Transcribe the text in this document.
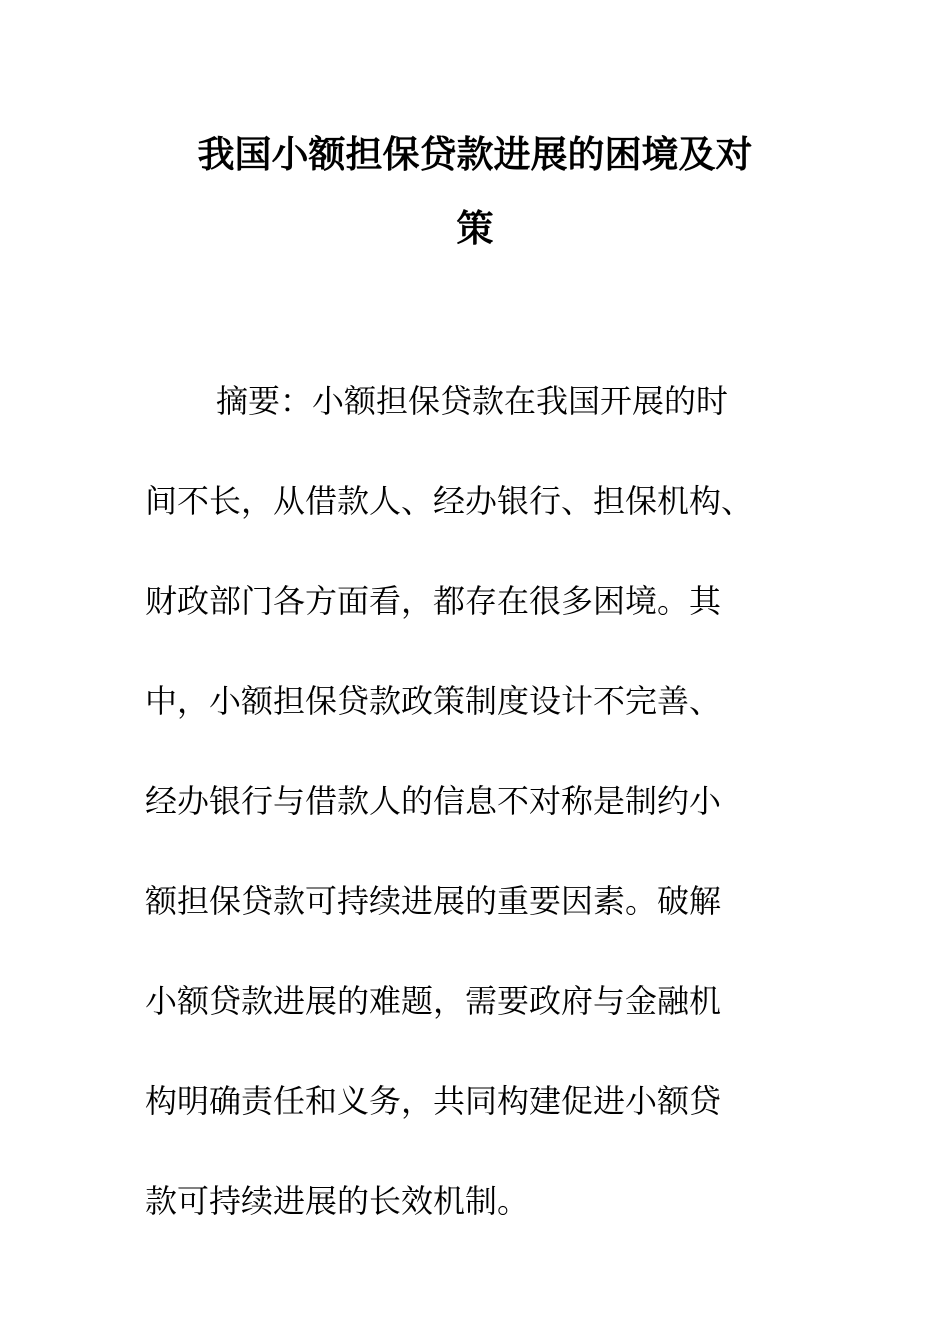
我国小额担保贷款进展的困境及对
策
摘要：小额担保贷款在我国开展的时
间不长，从借款人、经办银行、担保机构、
财政部门各方面看，都存在很多困境。其
中，小额担保贷款政策制度设计不完善、
经办银行与借款人的信息不对称是制约小
额担保贷款可持续进展的重要因素。破解
小额贷款进展的难题，需要政府与金融机
构明确责任和义务，共同构建促进小额贷
款可持续进展的长效机制。
